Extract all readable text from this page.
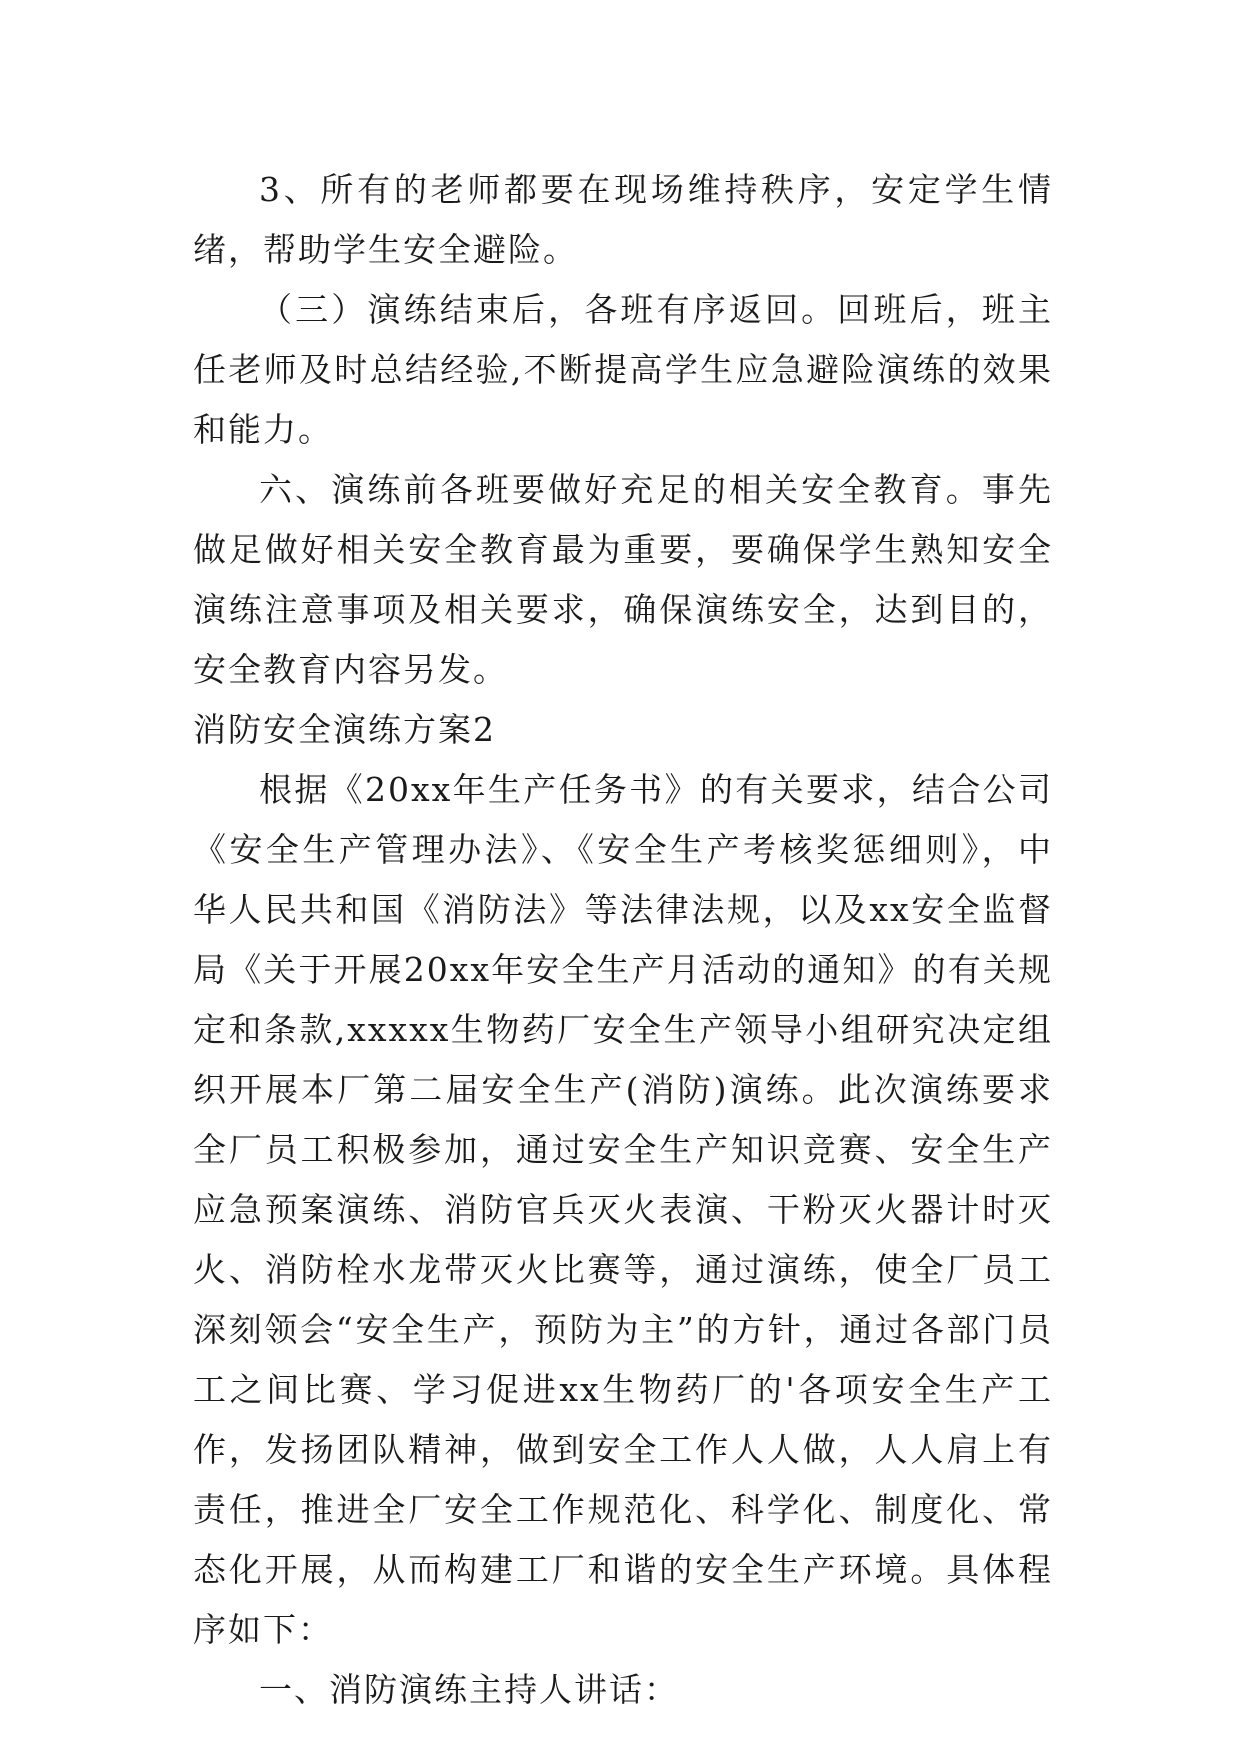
3、所有的老师都要在现场维持秩序，安定学生情绪，帮助学生安全避险。

（三）演练结束后，各班有序返回。回班后，班主任老师及时总结经验,不断提高学生应急避险演练的效果和能力。

六、演练前各班要做好充足的相关安全教育。事先做足做好相关安全教育最为重要，要确保学生熟知安全演练注意事项及相关要求，确保演练安全，达到目的，安全教育内容另发。

消防安全演练方案2

根据《20xx年生产任务书》的有关要求，结合公司《安全生产管理办法》、《安全生产考核奖惩细则》，中华人民共和国《消防法》等法律法规，以及xx安全监督局《关于开展20xx年安全生产月活动的通知》的有关规定和条款,xxxxx生物药厂安全生产领导小组研究决定组织开展本厂第二届安全生产(消防)演练。此次演练要求全厂员工积极参加，通过安全生产知识竞赛、安全生产应急预案演练、消防官兵灭火表演、干粉灭火器计时灭火、消防栓水龙带灭火比赛等，通过演练，使全厂员工深刻领会“安全生产，预防为主”的方针，通过各部门员工之间比赛、学习促进xx生物药厂的'各项安全生产工作，发扬团队精神，做到安全工作人人做，人人肩上有责任，推进全厂安全工作规范化、科学化、制度化、常态化开展，从而构建工厂和谐的安全生产环境。具体程序如下：

一、消防演练主持人讲话：
